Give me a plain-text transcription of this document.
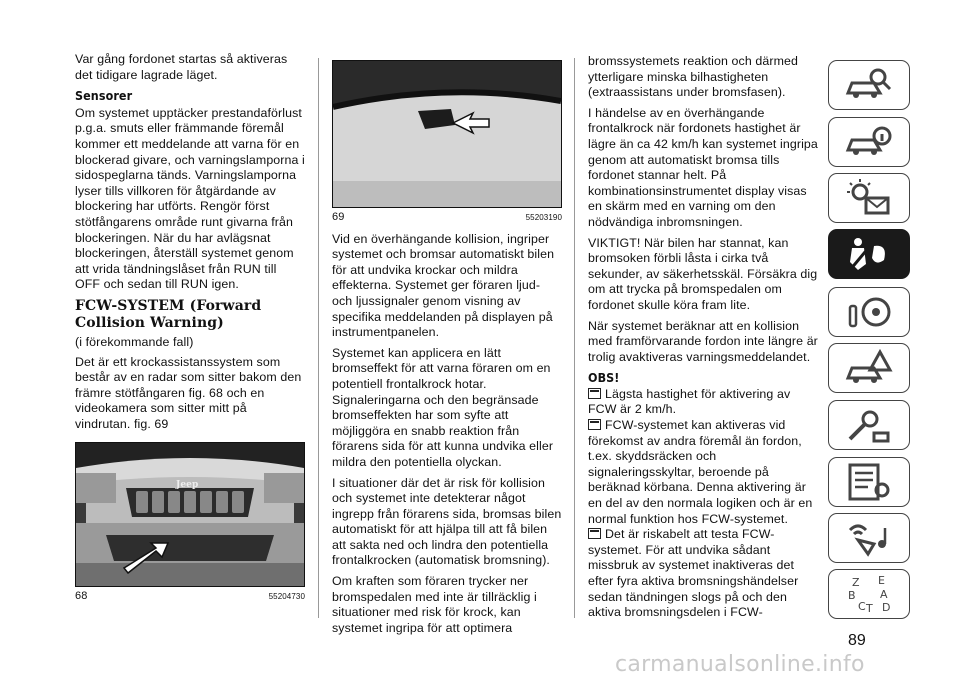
Var gång fordonet startas så aktiveras det tidigare lagrade läget.

Sensorer

Om systemet upptäcker prestandaförlust p.g.a. smuts eller främmande föremål kommer ett meddelande att varna för en blockerad givare, och varningslamporna i sidospeglarna tänds. Varningslamporna lyser tills villkoren för åtgärdande av blockering har utförts. Rengör först stötfångarens område runt givarna från blockeringen. När du har avlägsnat blockeringen, återställ systemet genom att vrida tändningslåset från RUN till OFF och sedan till RUN igen.

FCW-SYSTEM (Forward Collision Warning)

(i förekommande fall)

Det är ett krockassistanssystem som består av en radar som sitter bakom den främre stötfångaren fig. 68 och en videokamera som sitter mitt på vindrutan. fig. 69

Jeep
68	55204730
69	55203190

Vid en överhängande kollision, ingriper systemet och bromsar automatiskt bilen för att undvika krockar och mildra effekterna. Systemet ger föraren ljud- och ljussignaler genom visning av specifika meddelanden på displayen på instrumentpanelen.

Systemet kan applicera en lätt bromseffekt för att varna föraren om en potentiell frontalkrock hotar. Signaleringarna och den begränsade bromseffekten har som syfte att möjliggöra en snabb reaktion från förarens sida för att kunna undvika eller mildra den potentiella olyckan.

I situationer där det är risk för kollision och systemet inte detekterar något ingrepp från förarens sida, bromsas bilen automatiskt för att hjälpa till att få bilen att sakta ned och lindra den potentiella frontalkrocken (automatisk bromsning).

Om kraften som föraren trycker ner bromspedalen med inte är tillräcklig i situationer med risk för krock, kan systemet ingripa för att optimera

bromssystemets reaktion och därmed ytterligare minska bilhastigheten (extraassistans under bromsfasen).

I händelse av en överhängande frontalkrock när fordonets hastighet är lägre än ca 42 km/h kan systemet ingripa genom att automatiskt bromsa tills fordonet stannar helt. På kombinationsinstrumentet display visas en skärm med en varning om den nödvändiga inbromsningen.

VIKTIGT! När bilen har stannat, kan bromsoken förbli låsta i cirka två sekunder, av säkerhetsskäl. Försäkra dig om att trycka på bromspedalen om fordonet skulle köra fram lite.

När systemet beräknar att en kollision med framförvarande fordon inte längre är trolig avaktiveras varningsmeddelandet.

OBS!
Lägsta hastighet för aktivering av FCW är 2 km/h.
FCW-systemet kan aktiveras vid förekomst av andra föremål än fordon, t.ex. skyddsräcken och signaleringsskyltar, beroende på beräknad körbana. Denna aktivering är en del av den normala logiken och är en normal funktion hos FCW-systemet.
Det är riskabelt att testa FCW-systemet. För att undvika sådant missbruk av systemet inaktiveras det efter fyra aktiva bromsningshändelser sedan tändningen slogs på och den aktiva bromsningsdelen i FCW-
Z E
B A
C T D
89
carmanualsonline.info
